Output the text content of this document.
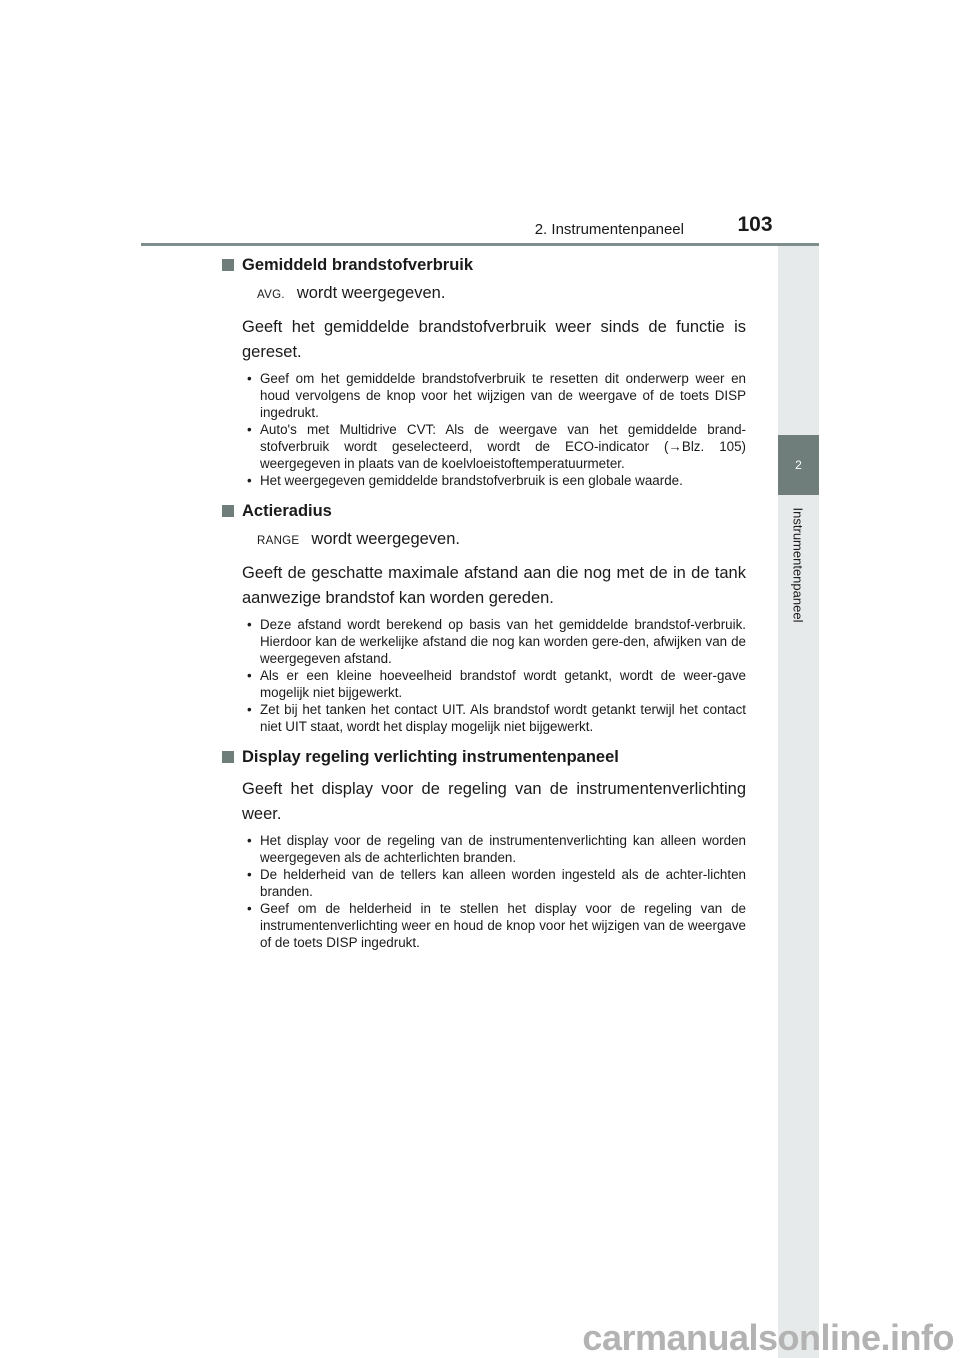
2. Instrumentenpaneel	103
2
Instrumentenpaneel
Gemiddeld brandstofverbruik
AVG. wordt weergegeven.
Geeft het gemiddelde brandstofverbruik weer sinds de functie is gereset.
• Geef om het gemiddelde brandstofverbruik te resetten dit onderwerp weer en houd vervolgens de knop voor het wijzigen van de weergave of de toets DISP ingedrukt.
• Auto's met Multidrive CVT: Als de weergave van het gemiddelde brand-stofverbruik wordt geselecteerd, wordt de ECO-indicator (→Blz. 105) weergegeven in plaats van de koelvloeistoftemperatuurmeter.
• Het weergegeven gemiddelde brandstofverbruik is een globale waarde.
Actieradius
RANGE wordt weergegeven.
Geeft de geschatte maximale afstand aan die nog met de in de tank aanwezige brandstof kan worden gereden.
• Deze afstand wordt berekend op basis van het gemiddelde brandstof-verbruik. Hierdoor kan de werkelijke afstand die nog kan worden gere-den, afwijken van de weergegeven afstand.
• Als er een kleine hoeveelheid brandstof wordt getankt, wordt de weer-gave mogelijk niet bijgewerkt.
• Zet bij het tanken het contact UIT. Als brandstof wordt getankt terwijl het contact niet UIT staat, wordt het display mogelijk niet bijgewerkt.
Display regeling verlichting instrumentenpaneel
Geeft het display voor de regeling van de instrumentenverlichting weer.
• Het display voor de regeling van de instrumentenverlichting kan alleen worden weergegeven als de achterlichten branden.
• De helderheid van de tellers kan alleen worden ingesteld als de achter-lichten branden.
• Geef om de helderheid in te stellen het display voor de regeling van de instrumentenverlichting weer en houd de knop voor het wijzigen van de weergave of de toets DISP ingedrukt.
carmanualsonline.info
